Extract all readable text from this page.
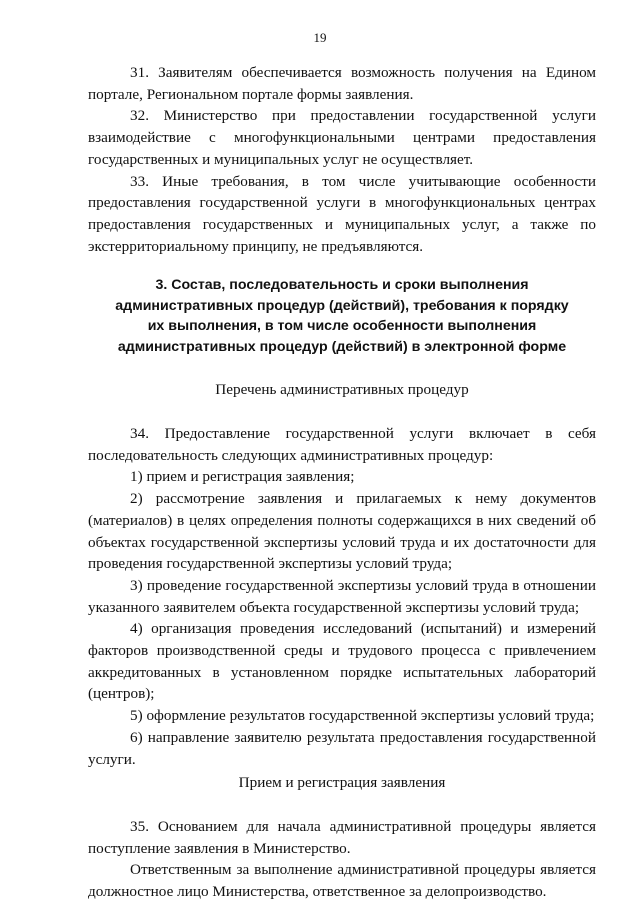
19

31. Заявителям обеспечивается возможность получения на Едином портале, Региональном портале формы заявления.

32. Министерство при предоставлении государственной услуги взаимодействие с многофункциональными центрами предоставления государственных и муниципальных услуг не осуществляет.

33. Иные требования, в том числе учитывающие особенности предоставления государственной услуги в многофункциональных центрах предоставления государственных и муниципальных услуг, а также по экстерриториальному принципу, не предъявляются.

3. Состав, последовательность и сроки выполнения
административных процедур (действий), требования к порядку
их выполнения, в том числе особенности выполнения
административных процедур (действий) в электронной форме

Перечень административных процедур

34. Предоставление государственной услуги включает в себя последовательность следующих административных процедур:

1) прием и регистрация заявления;

2) рассмотрение заявления и прилагаемых к нему документов (материалов) в целях определения полноты содержащихся в них сведений об объектах государственной экспертизы условий труда и их достаточности для проведения государственной экспертизы условий труда;

3) проведение государственной экспертизы условий труда в отношении указанного заявителем объекта государственной экспертизы условий труда;

4) организация проведения исследований (испытаний) и измерений факторов производственной среды и трудового процесса с привлечением аккредитованных в установленном порядке испытательных лабораторий (центров);

5) оформление результатов государственной экспертизы условий труда;

6) направление заявителю результата предоставления государственной услуги.

Прием и регистрация заявления

35. Основанием для начала административной процедуры является поступление заявления в Министерство.

Ответственным за выполнение административной процедуры является должностное лицо Министерства, ответственное за делопроизводство.
